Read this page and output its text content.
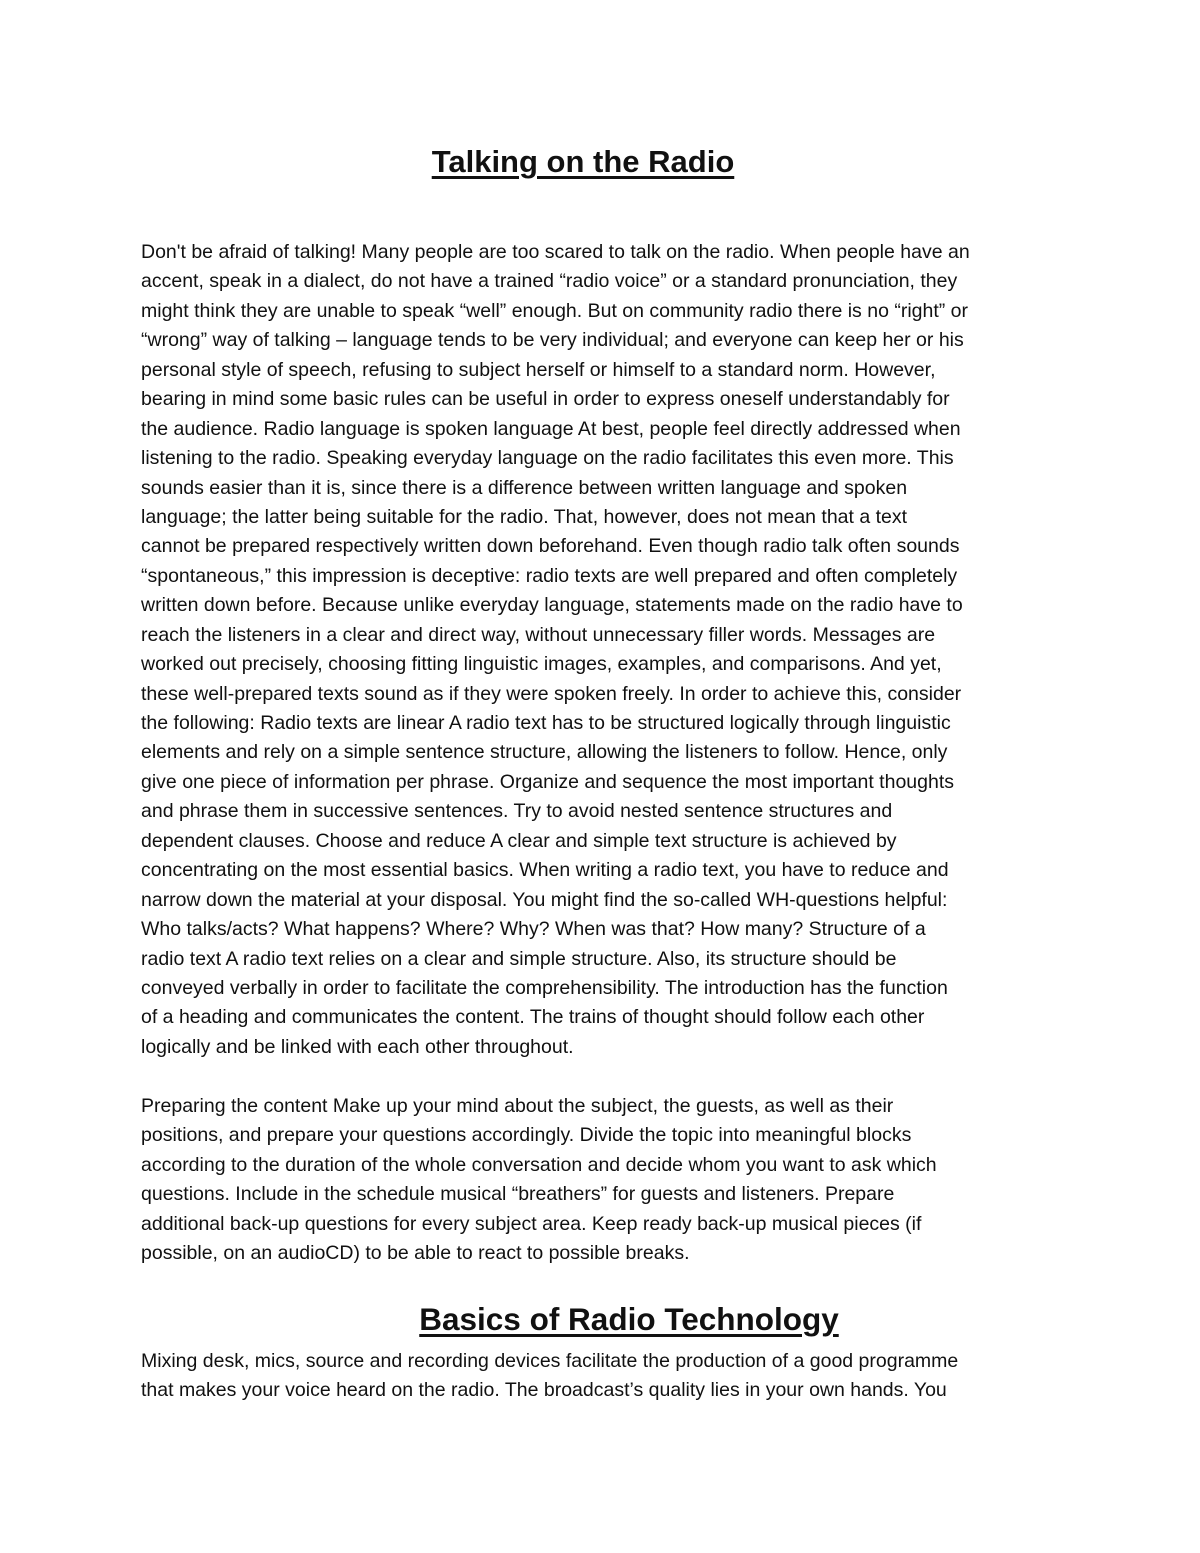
Talking on the Radio
Don't be afraid of talking! Many people are too scared to talk on the radio. When people have an
accent, speak in a dialect, do not have a trained “radio voice” or a standard pronunciation, they
might think they are unable to speak “well” enough. But on community radio there is no “right” or
“wrong” way of talking – language tends to be very individual; and everyone can keep her or his
personal style of speech, refusing to subject herself or himself to a standard norm. However,
bearing in mind some basic rules can be useful in order to express oneself understandably for
the audience. Radio language is spoken language At best, people feel directly addressed when
listening to the radio. Speaking everyday language on the radio facilitates this even more. This
sounds easier than it is, since there is a difference between written language and spoken
language; the latter being suitable for the radio. That, however, does not mean that a text
cannot be prepared respectively written down beforehand. Even though radio talk often sounds
“spontaneous,” this impression is deceptive: radio texts are well prepared and often completely
written down before. Because unlike everyday language, statements made on the radio have to
reach the listeners in a clear and direct way, without unnecessary filler words. Messages are
worked out precisely, choosing fitting linguistic images, examples, and comparisons. And yet,
these well-prepared texts sound as if they were spoken freely. In order to achieve this, consider
the following: Radio texts are linear A radio text has to be structured logically through linguistic
elements and rely on a simple sentence structure, allowing the listeners to follow. Hence, only
give one piece of information per phrase. Organize and sequence the most important thoughts
and phrase them in successive sentences. Try to avoid nested sentence structures and
dependent clauses. Choose and reduce A clear and simple text structure is achieved by
concentrating on the most essential basics. When writing a radio text, you have to reduce and
narrow down the material at your disposal. You might find the so-called WH-questions helpful:
Who talks/acts? What happens? Where? Why? When was that? How many? Structure of a
radio text A radio text relies on a clear and simple structure. Also, its structure should be
conveyed verbally in order to facilitate the comprehensibility. The introduction has the function
of a heading and communicates the content. The trains of thought should follow each other
logically and be linked with each other throughout.
Preparing the content Make up your mind about the subject, the guests, as well as their
positions, and prepare your questions accordingly. Divide the topic into meaningful blocks
according to the duration of the whole conversation and decide whom you want to ask which
questions. Include in the schedule musical “breathers” for guests and listeners. Prepare
additional back-up questions for every subject area. Keep ready back-up musical pieces (if
possible, on an audioCD) to be able to react to possible breaks.
Basics of Radio Technology
Mixing desk, mics, source and recording devices facilitate the production of a good programme
that makes your voice heard on the radio. The broadcast’s quality lies in your own hands. You
